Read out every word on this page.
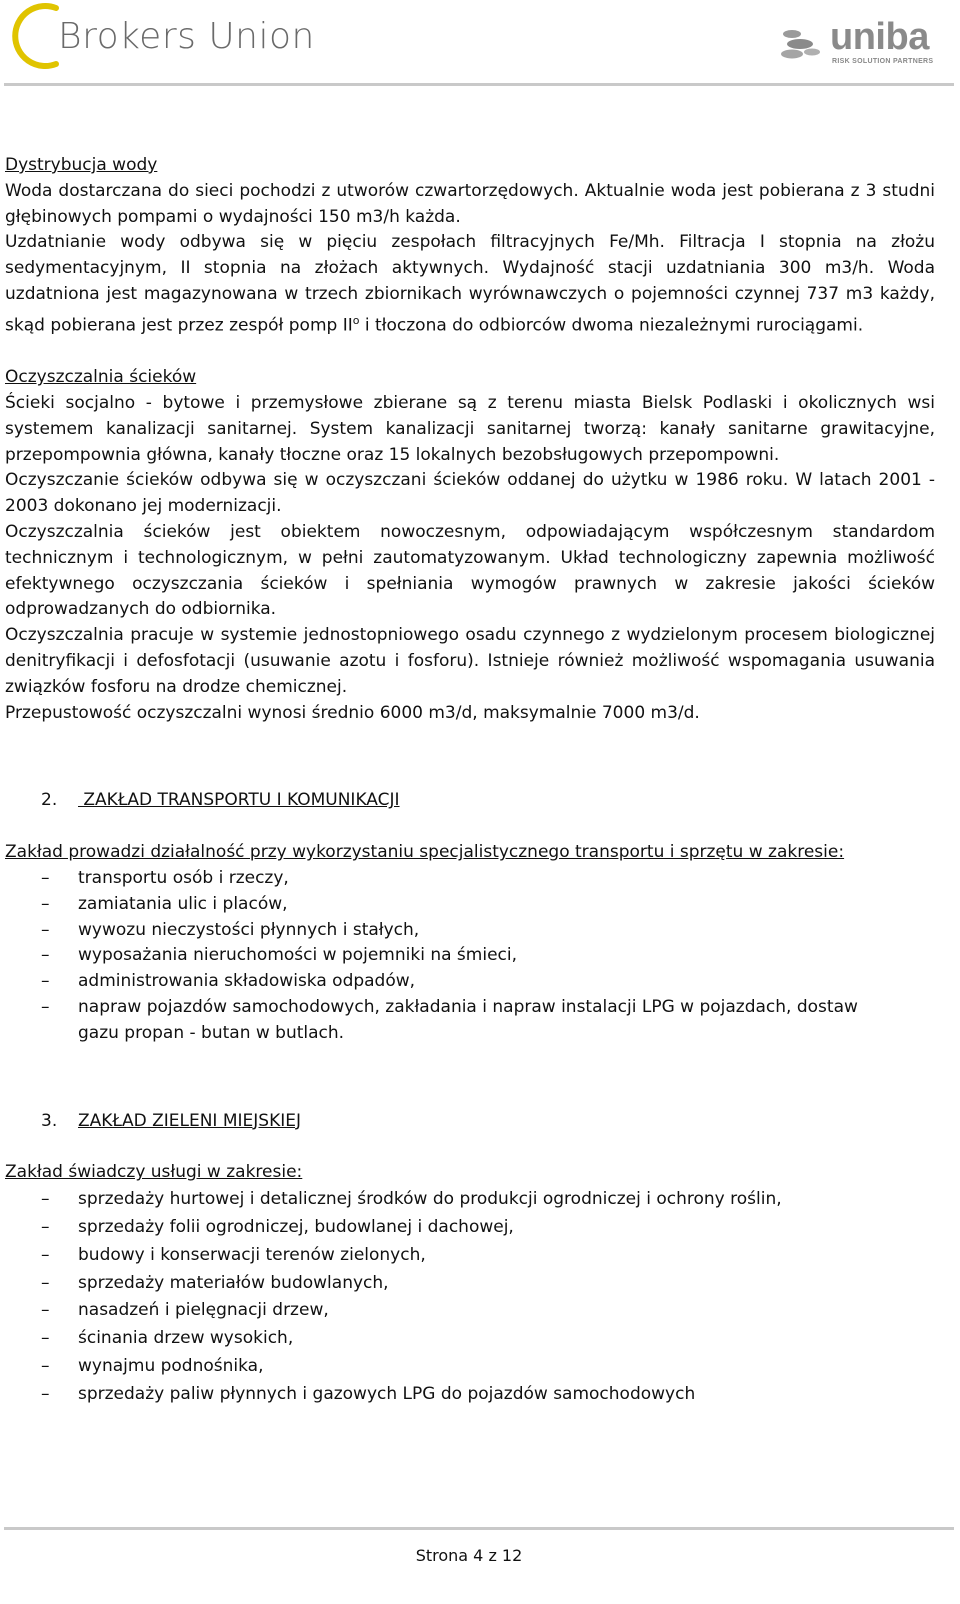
Brokers Union	uniba
RISK SOLUTION PARTNERS

Dystrybucja wody

Woda dostarczana do sieci pochodzi z utworów czwartorzędowych. Aktualnie woda jest pobierana z 3 studni głębinowych pompami o wydajności 150 m3/h każda.

Uzdatnianie wody odbywa się w pięciu zespołach filtracyjnych Fe/Mh. Filtracja I stopnia na złożu sedymentacyjnym, II stopnia na złożach aktywnych. Wydajność stacji uzdatniania 300 m3/h. Woda uzdatniona jest magazynowana w trzech zbiornikach wyrównawczych o pojemności czynnej 737 m3 każdy, skąd pobierana jest przez zespół pomp $II^o$ i tłoczona do odbiorców dwoma niezależnymi rurociągami.

Oczyszczalnia ścieków

Ścieki socjalno - bytowe i przemysłowe zbierane są z terenu miasta Bielsk Podlaski i okolicznych wsi systemem kanalizacji sanitarnej. System kanalizacji sanitarnej tworzą: kanały sanitarne grawitacyjne, przepompownia główna, kanały tłoczne oraz 15 lokalnych bezobsługowych przepompowni.

Oczyszczanie ścieków odbywa się w oczyszczani ścieków oddanej do użytku w 1986 roku. W latach 2001 - 2003 dokonano jej modernizacji.

Oczyszczalnia ścieków jest obiektem nowoczesnym, odpowiadającym współczesnym standardom technicznym i technologicznym, w pełni zautomatyzowanym. Układ technologiczny zapewnia możliwość efektywnego oczyszczania ścieków i spełniania wymogów prawnych w zakresie jakości ścieków odprowadzanych do odbiornika.

Oczyszczalnia pracuje w systemie jednostopniowego osadu czynnego z wydzielonym procesem biologicznej denitryfikacji i defosfotacji (usuwanie azotu i fosforu). Istnieje również możliwość wspomagania usuwania związków fosforu na drodze chemicznej.

Przepustowość oczyszczalni wynosi średnio 6000 m3/d, maksymalnie 7000 m3/d.

2. ZAKŁAD TRANSPORTU I KOMUNIKACJI

Zakład prowadzi działalność przy wykorzystaniu specjalistycznego transportu i sprzętu w zakresie:

– transportu osób i rzeczy,
– zamiatania ulic i placów,
– wywozu nieczystości płynnych i stałych,
– wyposażania nieruchomości w pojemniki na śmieci,
– administrowania składowiska odpadów,
– napraw pojazdów samochodowych, zakładania i napraw instalacji LPG w pojazdach, dostaw gazu propan - butan w butlach.

3. ZAKŁAD ZIELENI MIEJSKIEJ

Zakład świadczy usługi w zakresie:

– sprzedaży hurtowej i detalicznej środków do produkcji ogrodniczej i ochrony roślin,
– sprzedaży folii ogrodniczej, budowlanej i dachowej,
– budowy i konserwacji terenów zielonych,
– sprzedaży materiałów budowlanych,
– nasadzeń i pielęgnacji drzew,
– ścinania drzew wysokich,
– wynajmu podnośnika,
– sprzedaży paliw płynnych i gazowych LPG do pojazdów samochodowych
Strona 4 z 12
